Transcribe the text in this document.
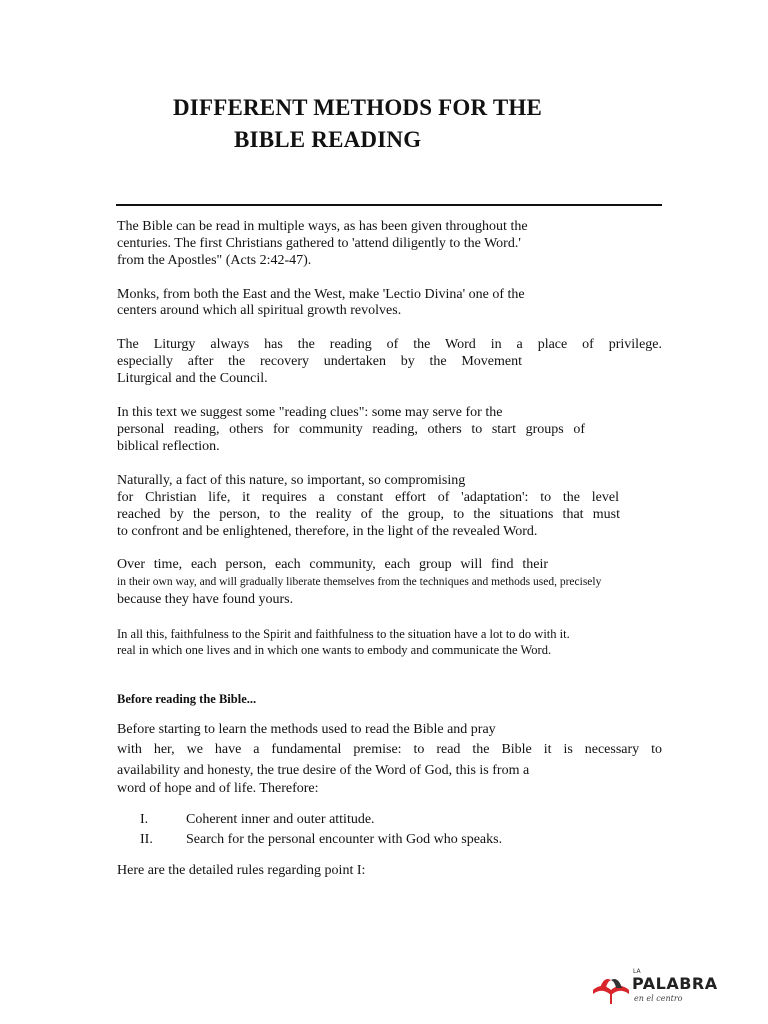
DIFFERENT METHODS FOR THE
BIBLE READING
The Bible can be read in multiple ways, as has been given throughout the
centuries. The first Christians gathered to 'attend diligently to the Word.'
from the Apostles" (Acts 2:42-47).
Monks, from both the East and the West, make 'Lectio Divina' one of the
centers around which all spiritual growth revolves.
The Liturgy always has the reading of the Word in a place of privilege.
especially after the recovery undertaken by the Movement
Liturgical and the Council.
In this text we suggest some "reading clues": some may serve for the
personal reading, others for community reading, others to start groups of
biblical reflection.
Naturally, a fact of this nature, so important, so compromising
for Christian life, it requires a constant effort of 'adaptation': to the level
reached by the person, to the reality of the group, to the situations that must
to confront and be enlightened, therefore, in the light of the revealed Word.
Over time, each person, each community, each group will find their
in their own way, and will gradually liberate themselves from the techniques and methods used, precisely
because they have found yours.
In all this, faithfulness to the Spirit and faithfulness to the situation have a lot to do with it.
real in which one lives and in which one wants to embody and communicate the Word.
Before reading the Bible...
Before starting to learn the methods used to read the Bible and pray
with her, we have a fundamental premise: to read the Bible it is necessary to
availability and honesty, the true desire of the Word of God, this is from a
word of hope and of life. Therefore:
I.	Coherent inner and outer attitude.
II. Search for the personal encounter with God who speaks.
Here are the detailed rules regarding point I:
LA
PALABRA
en el centro
